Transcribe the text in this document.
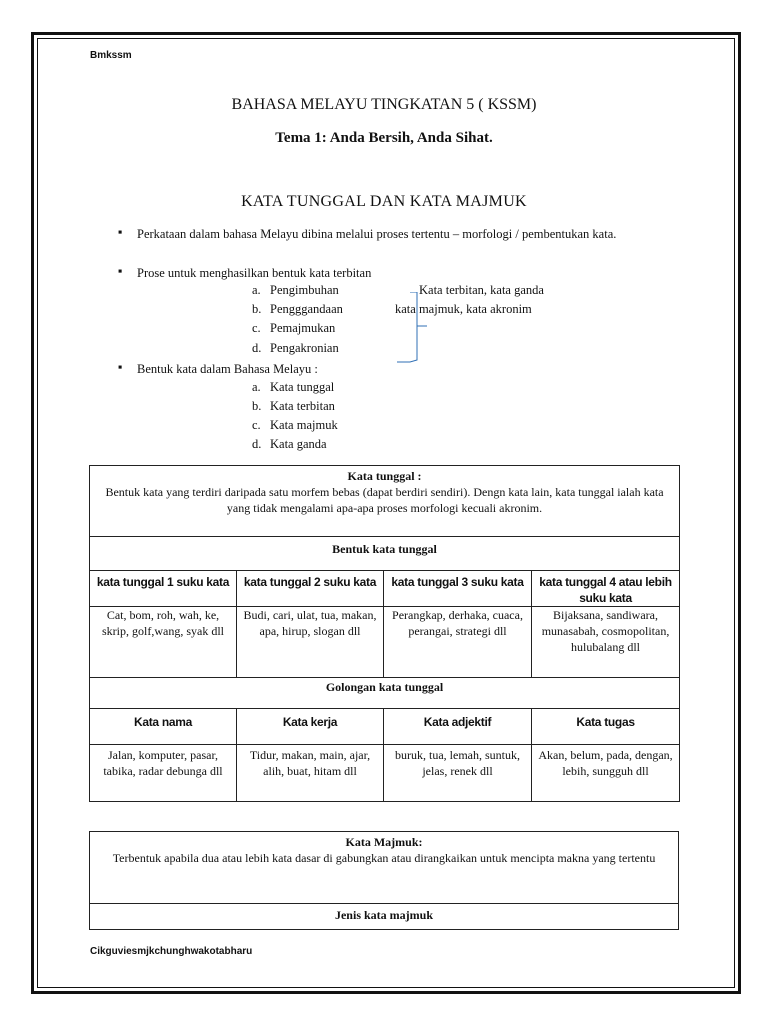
Bmkssm
BAHASA MELAYU TINGKATAN 5 ( KSSM)
Tema 1: Anda Bersih, Anda Sihat.
KATA TUNGGAL DAN KATA MAJMUK
▪ Perkataan dalam bahasa Melayu dibina melalui proses tertentu – morfologi / pembentukan kata.
▪ Prose untuk menghasilkan bentuk kata terbitan
a. Pengimbuhan
b. Pengggandaan
c. Pemajmukan
d. Pengakronian
Kata terbitan, kata ganda
kata majmuk, kata akronim
▪ Bentuk kata dalam Bahasa Melayu :
a. Kata tunggal
b. Kata terbitan
c. Kata majmuk
d. Kata ganda
Kata tunggal :
Bentuk kata yang terdiri daripada satu morfem bebas (dapat berdiri sendiri). Dengn kata lain, kata tunggal ialah kata yang tidak mengalami apa-apa proses morfologi kecuali akronim.			

Bentuk kata tunggal			
kata tunggal 1 suku kata	kata tunggal 2 suku kata	kata tunggal 3 suku kata	kata tunggal 4 atau lebih suku kata
Cat, bom, roh, wah, ke, skrip, golf,wang, syak dll	Budi, cari, ulat, tua, makan, apa, hirup, slogan dll	Perangkap, derhaka, cuaca, perangai, strategi dll	Bijaksana, sandiwara, munasabah, cosmopolitan, hulubalang dll
Golongan kata tunggal			
Kata nama	Kata kerja	Kata adjektif	Kata tugas
Jalan, komputer, pasar, tabika, radar debunga dll	Tidur, makan, main, ajar, alih, buat, hitam dll	buruk, tua, lemah, suntuk, jelas, renek dll	Akan, belum, pada, dengan, lebih, sungguh dll
Kata Majmuk:
Terbentuk apabila dua atau lebih kata dasar di gabungkan atau dirangkaikan untuk mencipta makna yang tertentu

Jenis kata majmuk
Cikguviesmjkchunghwakotabharu
